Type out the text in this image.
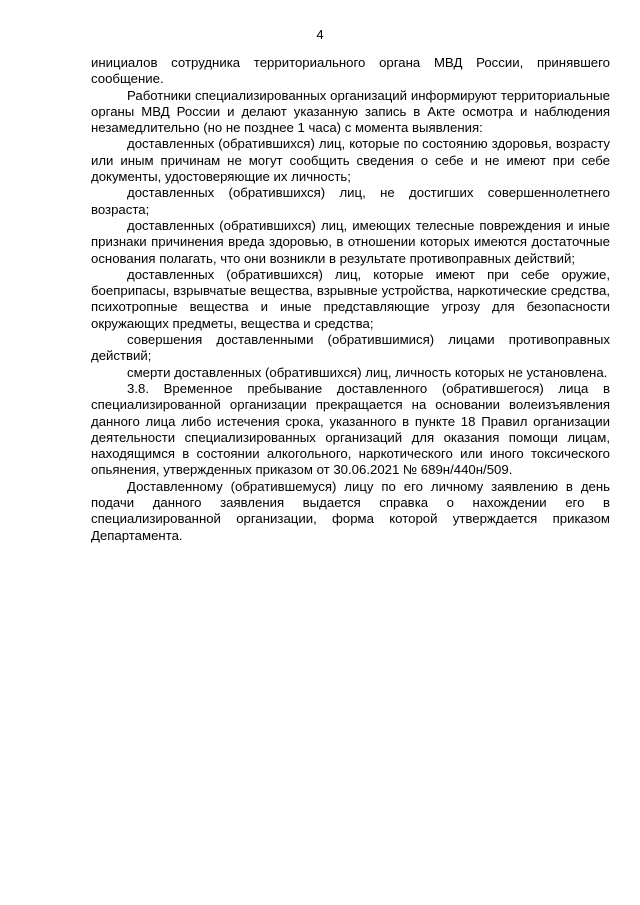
4

инициалов сотрудника территориального органа МВД России, принявшего сообщение.

Работники специализированных организаций информируют территориальные органы МВД России и делают указанную запись в Акте осмотра и наблюдения незамедлительно (но не позднее 1 часа) с момента выявления:

доставленных (обратившихся) лиц, которые по состоянию здоровья, возрасту или иным причинам не могут сообщить сведения о себе и не имеют при себе документы, удостоверяющие их личность;

доставленных (обратившихся) лиц, не достигших совершеннолетнего возраста;

доставленных (обратившихся) лиц, имеющих телесные повреждения и иные признаки причинения вреда здоровью, в отношении которых имеются достаточные основания полагать, что они возникли в результате противоправных действий;

доставленных (обратившихся) лиц, которые имеют при себе оружие, боеприпасы, взрывчатые вещества, взрывные устройства, наркотические средства, психотропные вещества и иные представляющие угрозу для безопасности окружающих предметы, вещества и средства;

совершения доставленными (обратившимися) лицами противоправных действий;

смерти доставленных (обратившихся) лиц, личность которых не установлена.

3.8. Временное пребывание доставленного (обратившегося) лица в специализированной организации прекращается на основании волеизъявления данного лица либо истечения срока, указанного в пункте 18 Правил организации деятельности специализированных организаций для оказания помощи лицам, находящимся в состоянии алкогольного, наркотического или иного токсического опьянения, утвержденных приказом от 30.06.2021 № 689н/440н/509.

Доставленному (обратившемуся) лицу по его личному заявлению в день подачи данного заявления выдается справка о нахождении его в специализированной организации, форма которой утверждается приказом Департамента.
